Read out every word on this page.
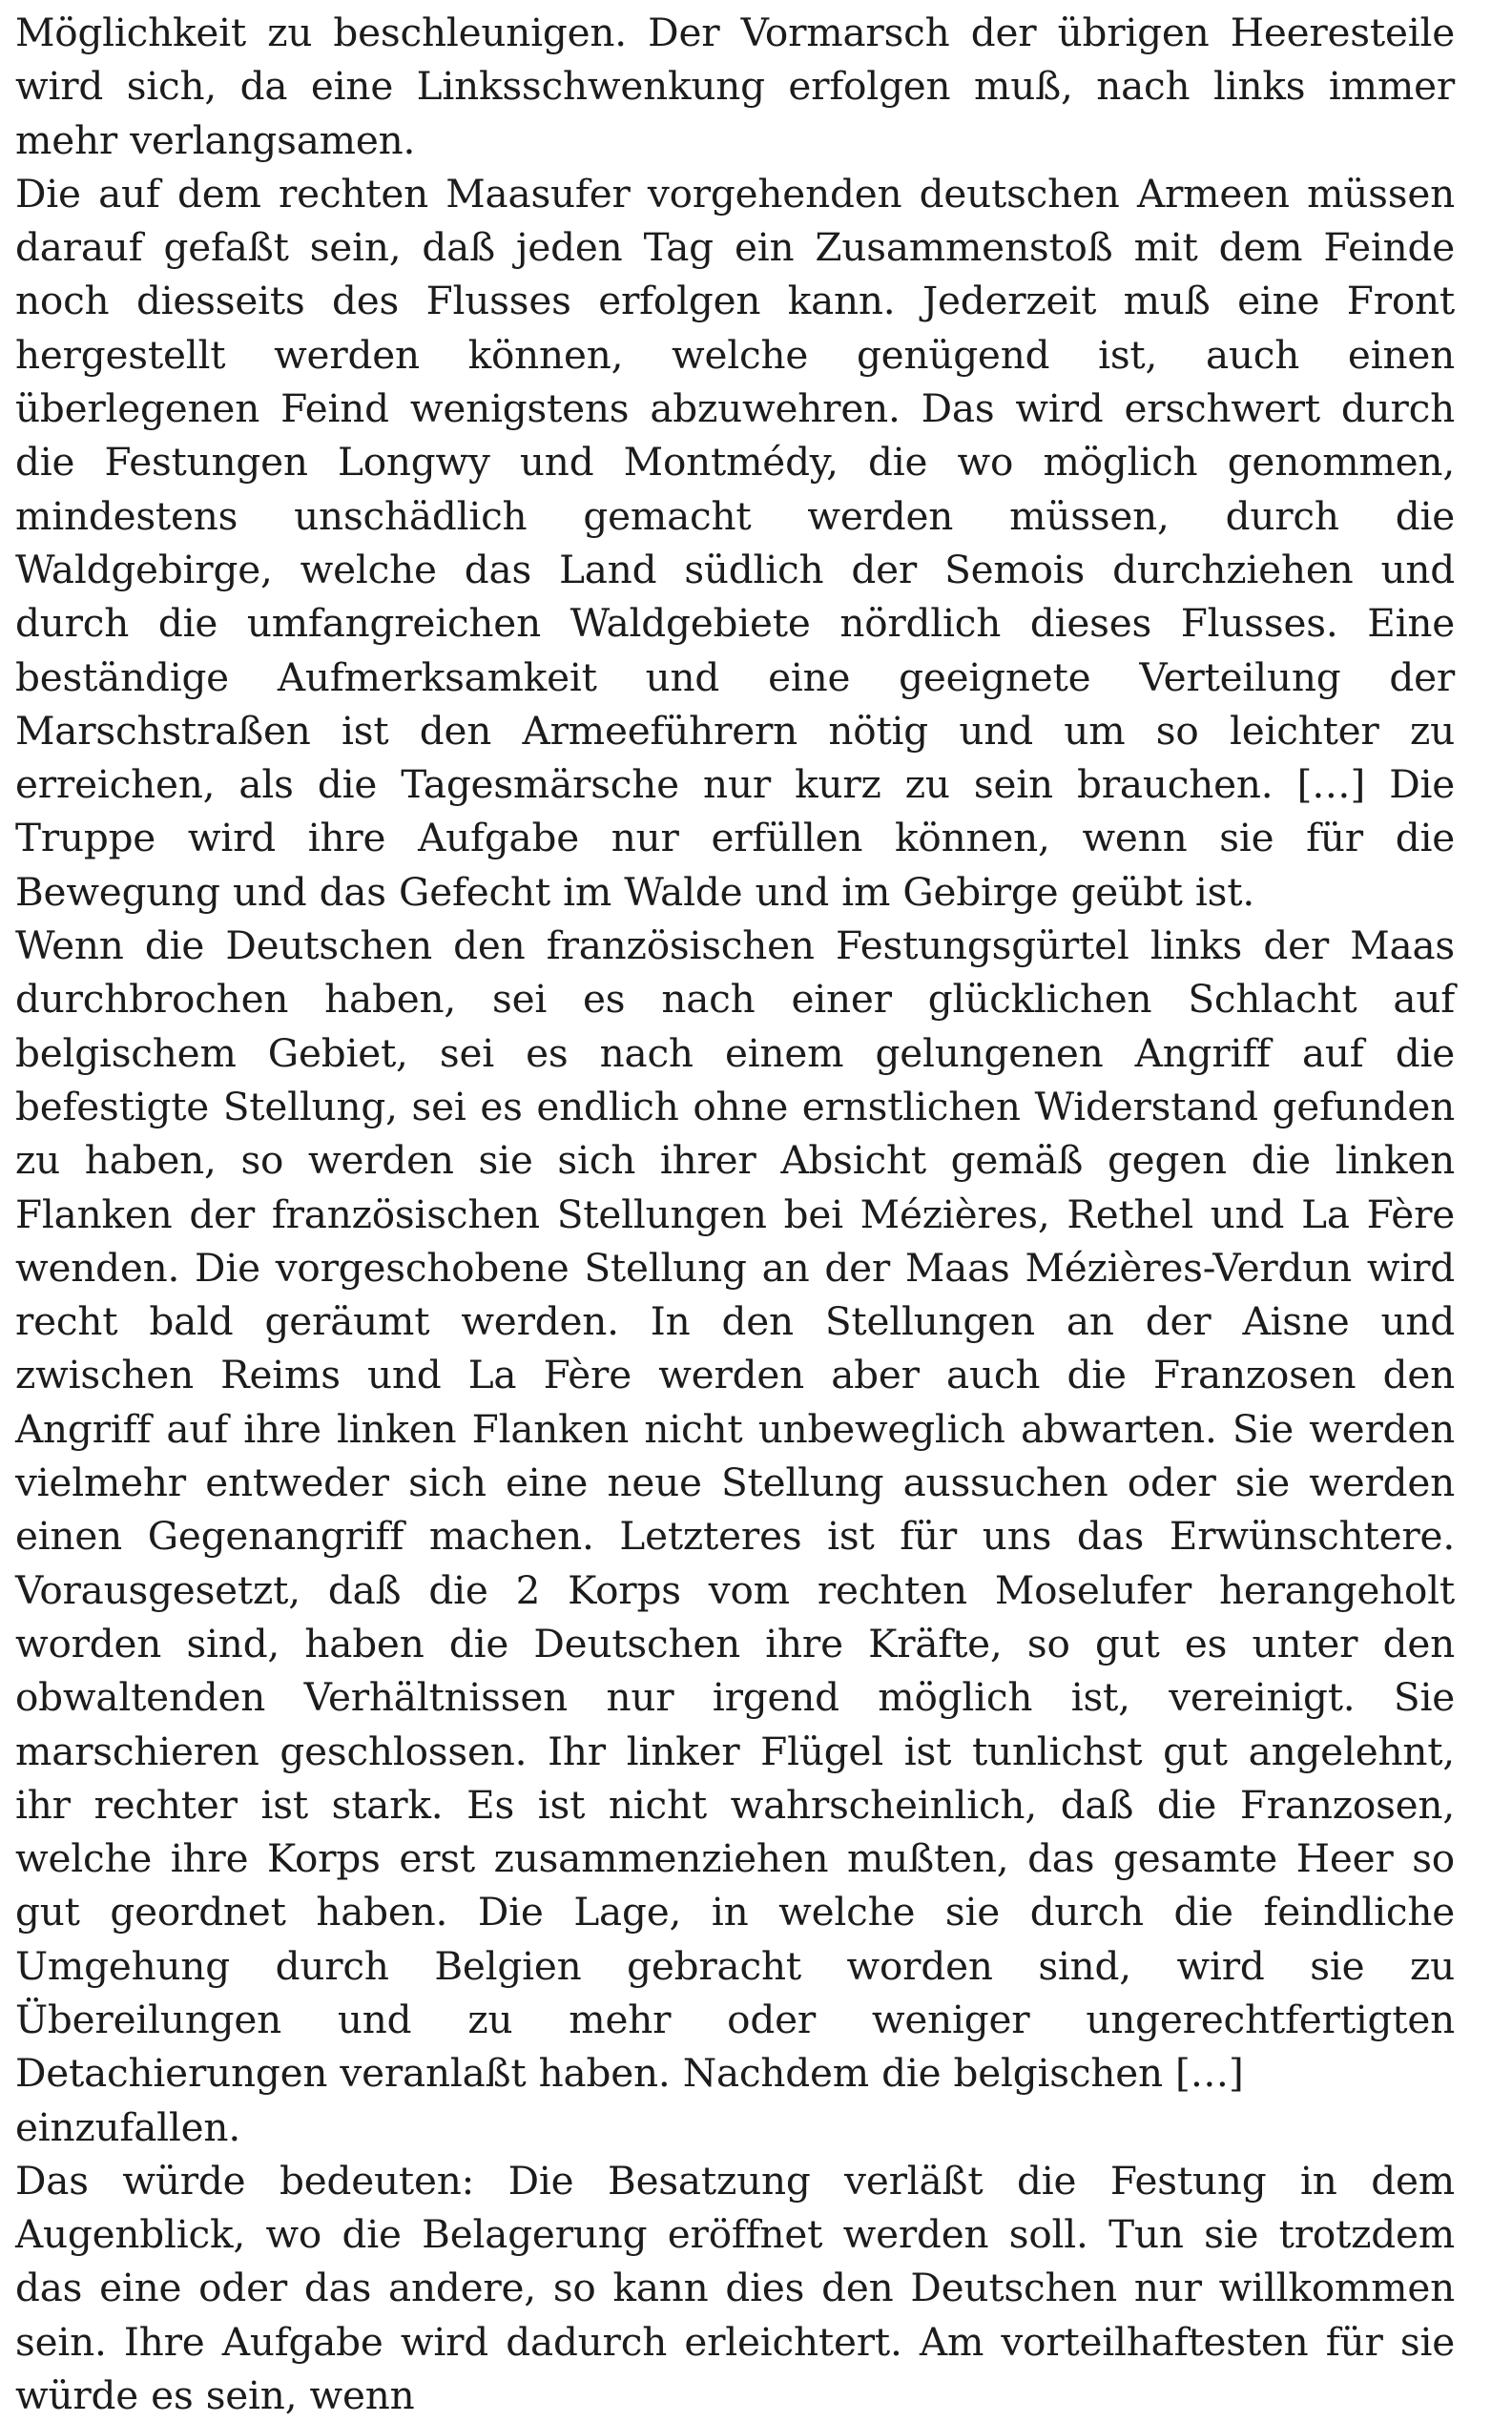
Möglichkeit zu beschleunigen. Der Vormarsch der übrigen Heeresteile wird sich, da eine Linksschwenkung erfolgen muß, nach links immer mehr verlangsamen.

Die auf dem rechten Maasufer vorgehenden deutschen Armeen müssen darauf gefaßt sein, daß jeden Tag ein Zusammenstoß mit dem Feinde noch diesseits des Flusses erfolgen kann. Jederzeit muß eine Front hergestellt werden können, welche genügend ist, auch einen überlegenen Feind wenigstens abzuwehren. Das wird erschwert durch die Festungen Longwy und Montmédy, die wo möglich genommen, mindestens unschädlich gemacht werden müssen, durch die Waldgebirge, welche das Land südlich der Semois durchziehen und durch die umfangreichen Waldgebiete nördlich dieses Flusses. Eine beständige Aufmerksamkeit und eine geeignete Verteilung der Marschstraßen ist den Armeeführern nötig und um so leichter zu erreichen, als die Tagesmärsche nur kurz zu sein brauchen. […] Die Truppe wird ihre Aufgabe nur erfüllen können, wenn sie für die Bewegung und das Gefecht im Walde und im Gebirge geübt ist.

Wenn die Deutschen den französischen Festungsgürtel links der Maas durchbrochen haben, sei es nach einer glücklichen Schlacht auf belgischem Gebiet, sei es nach einem gelungenen Angriff auf die befestigte Stellung, sei es endlich ohne ernstlichen Widerstand gefunden zu haben, so werden sie sich ihrer Absicht gemäß gegen die linken Flanken der französischen Stellungen bei Mézières, Rethel und La Fère wenden. Die vorgeschobene Stellung an der Maas Mézières-Verdun wird recht bald geräumt werden. In den Stellungen an der Aisne und zwischen Reims und La Fère werden aber auch die Franzosen den Angriff auf ihre linken Flanken nicht unbeweglich abwarten. Sie werden vielmehr entweder sich eine neue Stellung aussuchen oder sie werden einen Gegenangriff machen. Letzteres ist für uns das Erwünschtere. Vorausgesetzt, daß die 2 Korps vom rechten Moselufer herangeholt worden sind, haben die Deutschen ihre Kräfte, so gut es unter den obwaltenden Verhältnissen nur irgend möglich ist, vereinigt. Sie marschieren geschlossen. Ihr linker Flügel ist tunlichst gut angelehnt, ihr rechter ist stark. Es ist nicht wahrscheinlich, daß die Franzosen, welche ihre Korps erst zusammenziehen mußten, das gesamte Heer so gut geordnet haben. Die Lage, in welche sie durch die feindliche Umgehung durch Belgien gebracht worden sind, wird sie zu Übereilungen und zu mehr oder weniger ungerechtfertigten Detachierungen veranlaßt haben. Nachdem die belgischen […]

einzufallen.

Das würde bedeuten: Die Besatzung verläßt die Festung in dem Augenblick, wo die Belagerung eröffnet werden soll. Tun sie trotzdem das eine oder das andere, so kann dies den Deutschen nur willkommen sein. Ihre Aufgabe wird dadurch erleichtert. Am vorteilhaftesten für sie würde es sein, wenn
